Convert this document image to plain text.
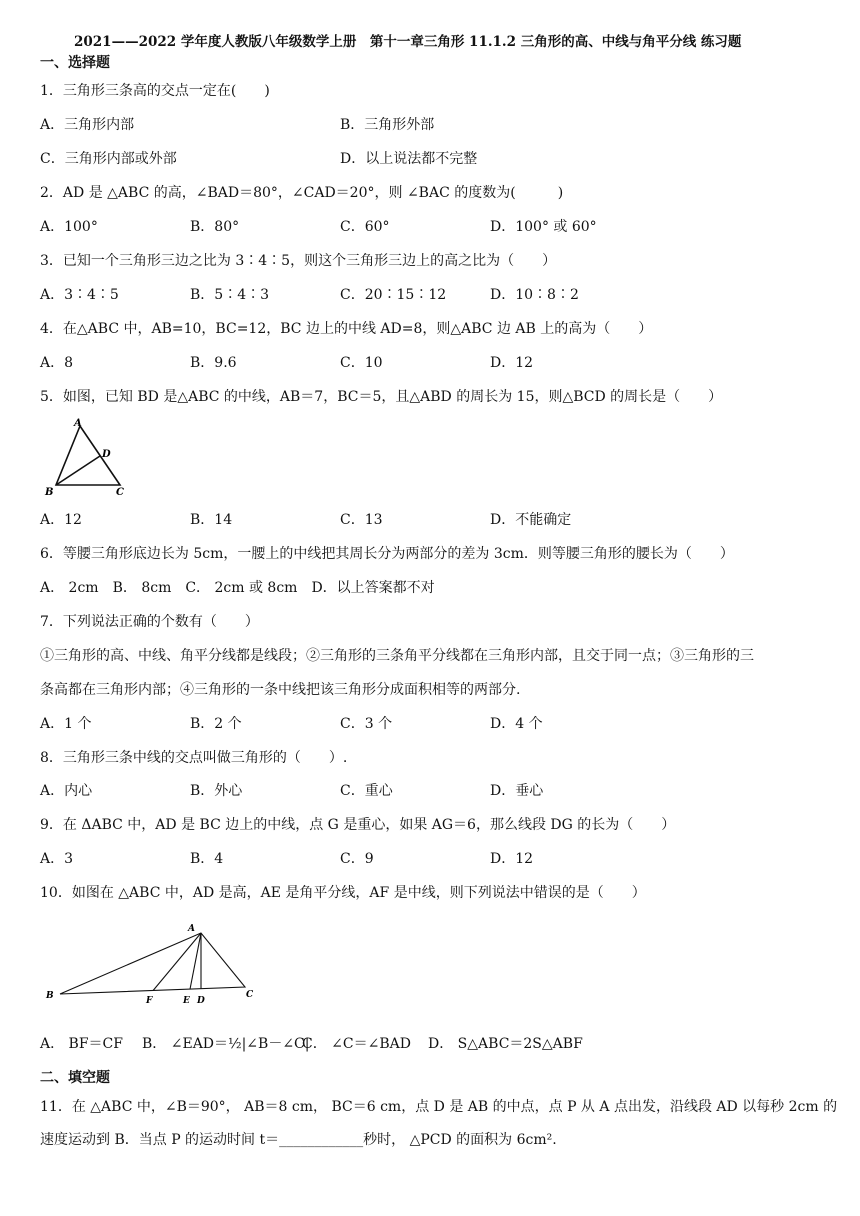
2021——2022 学年度人教版八年级数学上册　第十一章三角形 11.1.2 三角形的高、中线与角平分线 练习题
一、选择题
1．三角形三条高的交点一定在(　　)
A．三角形内部	B．三角形外部
C．三角形内部或外部	D．以上说法都不完整
2．AD 是 △ABC 的高，∠BAD＝80°，∠CAD＝20°，则 ∠BAC 的度数为(　　　)
A．100°	B．80°	C．60°	D．100° 或 60°
3．已知一个三角形三边之比为 3∶4∶5，则这个三角形三边上的高之比为（　　）
A．3∶4∶5	B．5∶4∶3	C．20∶15∶12	D．10∶8∶2
4．在△ABC 中，AB=10，BC=12，BC 边上的中线 AD=8，则△ABC 边 AB 上的高为（　　）
A．8	B．9.6	C．10	D．12
5．如图，已知 BD 是△ABC 的中线，AB＝7，BC＝5，且△ABD 的周长为 15，则△BCD 的周长是（　　）
A
D
B	C
A．12	B．14	C．13	D．不能确定
6．等腰三角形底边长为 5cm，一腰上的中线把其周长分为两部分的差为 3cm．则等腰三角形的腰长为（　　）
A． 2cm　B． 8cm　C． 2cm 或 8cm　D．以上答案都不对
7．下列说法正确的个数有（　　）
①三角形的高、中线、角平分线都是线段；②三角形的三条角平分线都在三角形内部，且交于同一点；③三角形的三
条高都在三角形内部；④三角形的一条中线把该三角形分成面积相等的两部分.
A．1 个	B．2 个	C．3 个	D．4 个
8．三角形三条中线的交点叫做三角形的（　　）.
A．内心	B．外心	C．重心	D．垂心
9．在 ΔABC 中，AD 是 BC 边上的中线，点 G 是重心，如果 AG＝6，那么线段 DG 的长为（　　）
A．3	B．4	C．9	D．12
10．如图在 △ABC 中，AD 是高，AE 是角平分线，AF 是中线，则下列说法中错误的是（　　）
A
B	F	E D
C
A． BF＝CF B． ∠EAD＝½|∠B－∠C|
C． ∠C＝∠BAD D． S△ABC＝2S△ABF
二、填空题
11．在 △ABC 中，∠B＝90°， AB＝8 cm， BC＝6 cm，点 D 是 AB 的中点，点 P 从 A 点出发，沿线段 AD 以每秒 2cm 的
速度运动到 B．当点 P 的运动时间 t＝____________秒时， △PCD 的面积为 6cm².
